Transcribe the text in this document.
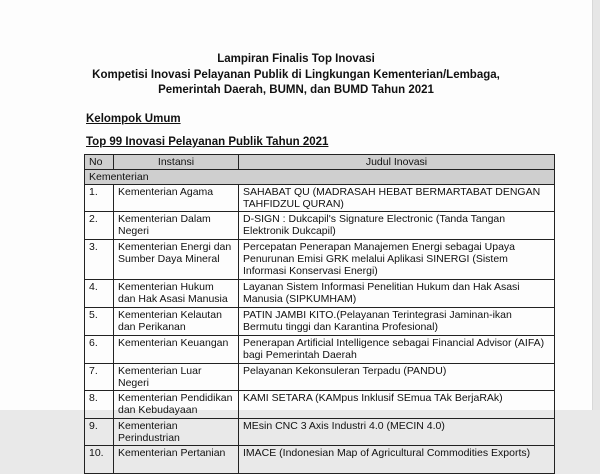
Lampiran Finalis Top Inovasi
Kompetisi Inovasi Pelayanan Publik di Lingkungan Kementerian/Lembaga,
Pemerintah Daerah, BUMN, dan BUMD Tahun 2021
Kelompok Umum
Top 99 Inovasi Pelayanan Publik Tahun 2021
No	Instansi	Judul Inovasi
Kementerian		
1.	Kementerian Agama	SAHABAT QU (MADRASAH HEBAT BERMARTABAT DENGAN TAHFIDZUL QURAN)
2.	Kementerian Dalam Negeri	D-SIGN : Dukcapil's Signature Electronic (Tanda Tangan Elektronik Dukcapil)
3.	Kementerian Energi dan Sumber Daya Mineral	Percepatan Penerapan Manajemen Energi sebagai Upaya Penurunan Emisi GRK melalui Aplikasi SINERGI (Sistem Informasi Konservasi Energi)
4.	Kementerian Hukum dan Hak Asasi Manusia	Layanan Sistem Informasi Penelitian Hukum dan Hak Asasi Manusia (SIPKUMHAM)
5.	Kementerian Kelautan dan Perikanan	PATIN JAMBI KITO.(Pelayanan Terintegrasi Jaminan-ikan Bermutu tinggi dan Karantina Profesional)
6.	Kementerian Keuangan	Penerapan Artificial Intelligence sebagai Financial Advisor (AIFA) bagi Pemerintah Daerah
7.	Kementerian Luar Negeri	Pelayanan Kekonsuleran Terpadu (PANDU)
8.	Kementerian Pendidikan dan Kebudayaan	KAMI SETARA (KAMpus Inklusif SEmua TAk BerjaRAk)
9.	Kementerian Perindustrian	MEsin CNC 3 Axis Industri 4.0 (MECIN 4.0)
10.	Kementerian Pertanian	IMACE (Indonesian Map of Agricultural Commodities Exports)
